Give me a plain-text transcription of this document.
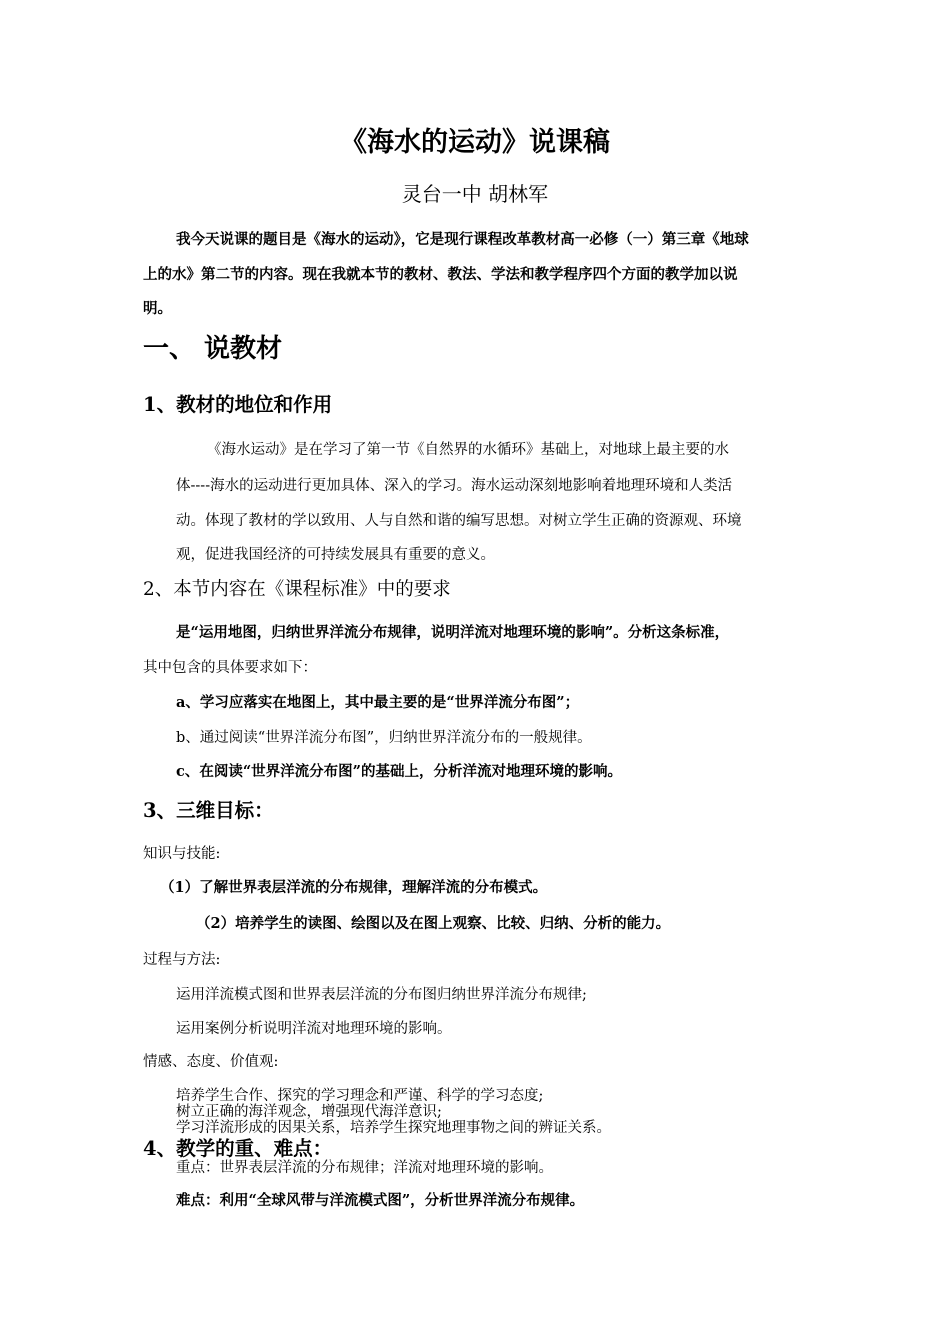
《海水的运动》说课稿
灵台一中 胡林军
我今天说课的题目是《海水的运动》，它是现行课程改革教材高一必修（一）第三章《地球
上的水》第二节的内容。现在我就本节的教材、教法、学法和教学程序四个方面的教学加以说
明。
一、 说教材
1、教材的地位和作用
《海水运动》是在学习了第一节《自然界的水循环》基础上，对地球上最主要的水
体----海水的运动进行更加具体、深入的学习。海水运动深刻地影响着地理环境和人类活
动。体现了教材的学以致用、人与自然和谐的编写思想。对树立学生正确的资源观、环境
观，促进我国经济的可持续发展具有重要的意义。
2、本节内容在《课程标准》中的要求
是“运用地图，归纳世界洋流分布规律，说明洋流对地理环境的影响”。分析这条标准，
其中包含的具体要求如下：
a、学习应落实在地图上，其中最主要的是“世界洋流分布图”；
b、通过阅读“世界洋流分布图”，归纳世界洋流分布的一般规律。
c、在阅读“世界洋流分布图”的基础上，分析洋流对地理环境的影响。
3、三维目标：
知识与技能:
（1）了解世界表层洋流的分布规律，理解洋流的分布模式。
（2）培养学生的读图、绘图以及在图上观察、比较、归纳、分析的能力。
过程与方法:
运用洋流模式图和世界表层洋流的分布图归纳世界洋流分布规律;
运用案例分析说明洋流对地理环境的影响。
情感、态度、价值观:
培养学生合作、探究的学习理念和严谨、科学的学习态度;
树立正确的海洋观念，增强现代海洋意识;
学习洋流形成的因果关系，培养学生探究地理事物之间的辨证关系。
4、教学的重、难点：
重点：世界表层洋流的分布规律；洋流对地理环境的影响。
难点：利用“全球风带与洋流模式图”，分析世界洋流分布规律。
